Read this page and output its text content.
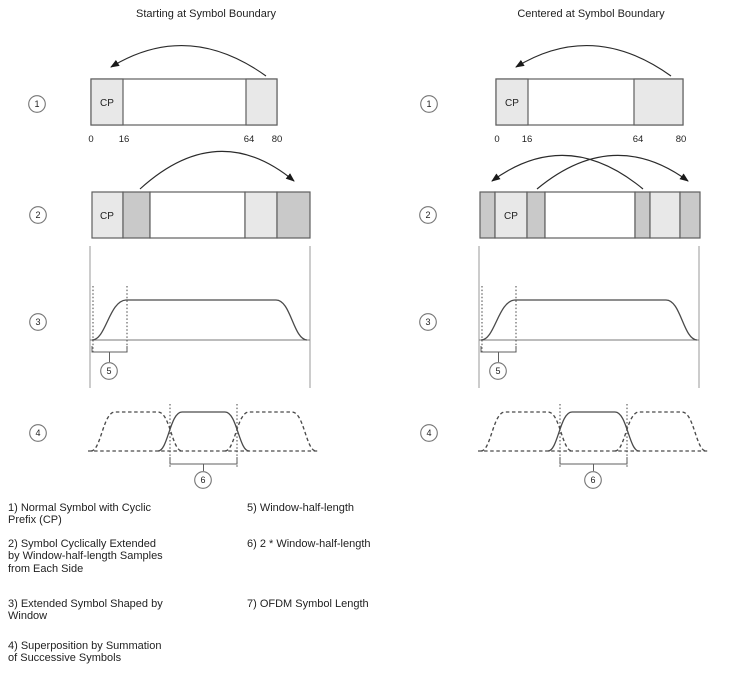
Starting at Symbol Boundary
1	CP
0	16	64 80
2	CP
3
5
4
6
Centered at Symbol Boundary
1	CP
0 16	64	80
2	CP
3
5
4
6
1) Normal Symbol with Cyclic
Prefix (CP)
2) Symbol Cyclically Extended
by Window-half-length Samples
from Each Side
3) Extended Symbol Shaped by
Window
4) Superposition by Summation
of Successive Symbols
5) Window-half-length
6) 2 * Window-half-length
7) OFDM Symbol Length
